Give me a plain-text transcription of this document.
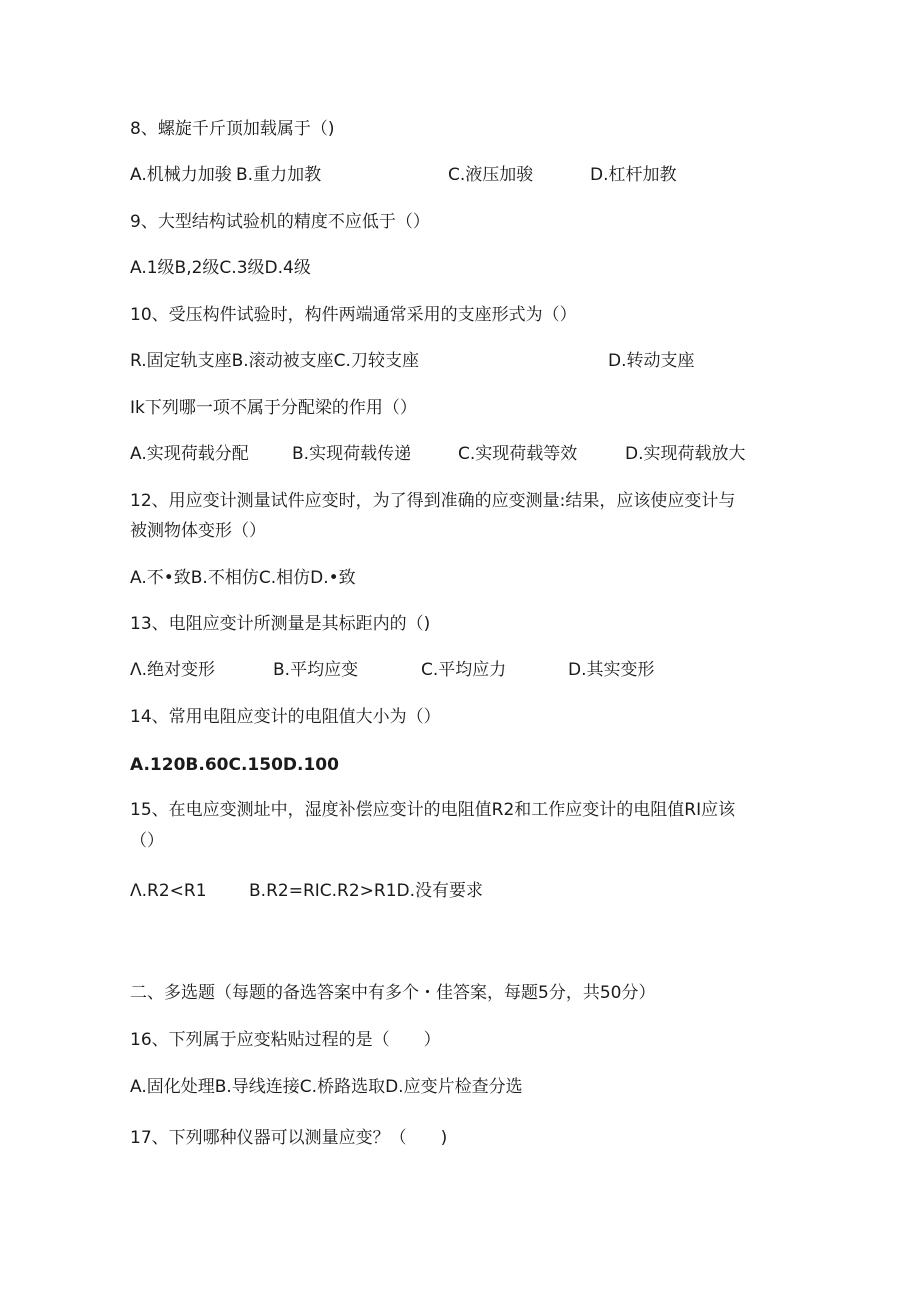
8、螺旋千斤顶加载属于（)
A.机械力加骏 B.重力加教	C.液压加骏	D.杠杆加教
9、大型结构试验机的精度不应低于（）
A.1级B,2级C.3级D.4级
10、受压构件试验时，构件两端通常采用的支座形式为（）
R.固定轨支座B.滚动被支座C.刀较支座	D.转动支座
Ik下列哪一项不属于分配梁的作用（）
A.实现荷载分配	B.实现荷载传递	C.实现荷载等效	D.实现荷载放大
12、用应变计测量试件应变时，为了得到准确的应变测量:结果，应该使应变计与
被测物体变形（）
A.不•致B.不相仿C.相仿D.•致
13、电阻应变计所测量是其标距内的（)
Λ.绝对变形	B.平均应变	C.平均应力	D.其实变形
14、常用电阻应变计的电阻值大小为（）
A.120B.60C.150D.100
15、在电应变测址中，湿度补偿应变计的电阻值R2和工作应变计的电阻值RI应该
（）
Λ.R2<R1 B.R2=RIC.R2>R1D.没有要求
二、多选题（每题的备选答案中有多个・佳答案，每题5分，共50分）
16、下列属于应变粘贴过程的是（　　）
A.固化处理B.导线连接C.桥路选取D.应变片检查分选
17、下列哪种仪器可以测量应变？（　　)
